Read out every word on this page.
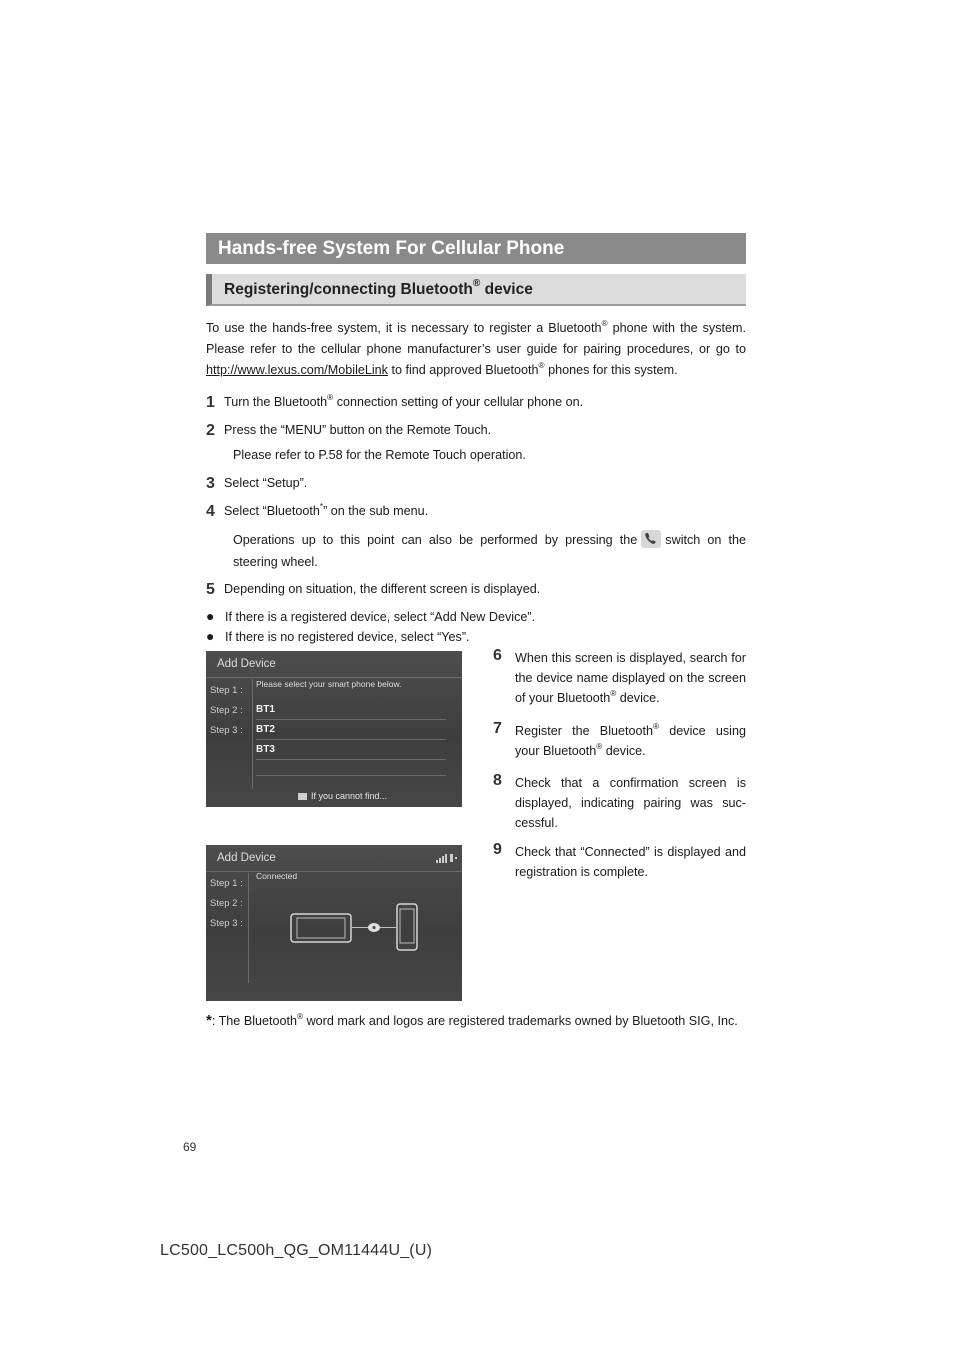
Hands-free System For Cellular Phone
Registering/connecting Bluetooth® device
To use the hands-free system, it is necessary to register a Bluetooth® phone with the system. Please refer to the cellular phone manufacturer’s user guide for pairing procedures, or go to http://www.lexus.com/MobileLink to find approved Bluetooth® phones for this system.
1 Turn the Bluetooth® connection setting of your cellular phone on.
2 Press the “MENU” button on the Remote Touch.
Please refer to P.58 for the Remote Touch operation.
3 Select “Setup”.
4 Select “Bluetooth*” on the sub menu.
Operations up to this point can also be performed by pressing the switch on the steering wheel.
5 Depending on situation, the different screen is displayed.
● If there is a registered device, select “Add New Device”.
● If there is no registered device, select “Yes”.
Add Device
Step 1 :
Step 2 :
Step 3 :
Please select your smart phone below.
BT1
BT2
BT3
If you cannot find...
Add Device
Step 1 :
Step 2 :
Step 3 :
Connected
6 When this screen is displayed, search for the device name displayed on the screen of your Bluetooth® device.
7 Register the Bluetooth® device using your Bluetooth® device.
8 Check that a confirmation screen is displayed, indicating pairing was suc- cessful.
9 Check that “Connected” is displayed and registration is complete.
*: The Bluetooth® word mark and logos are registered trademarks owned by Bluetooth SIG, Inc.
69
LC500_LC500h_QG_OM11444U_(U)
